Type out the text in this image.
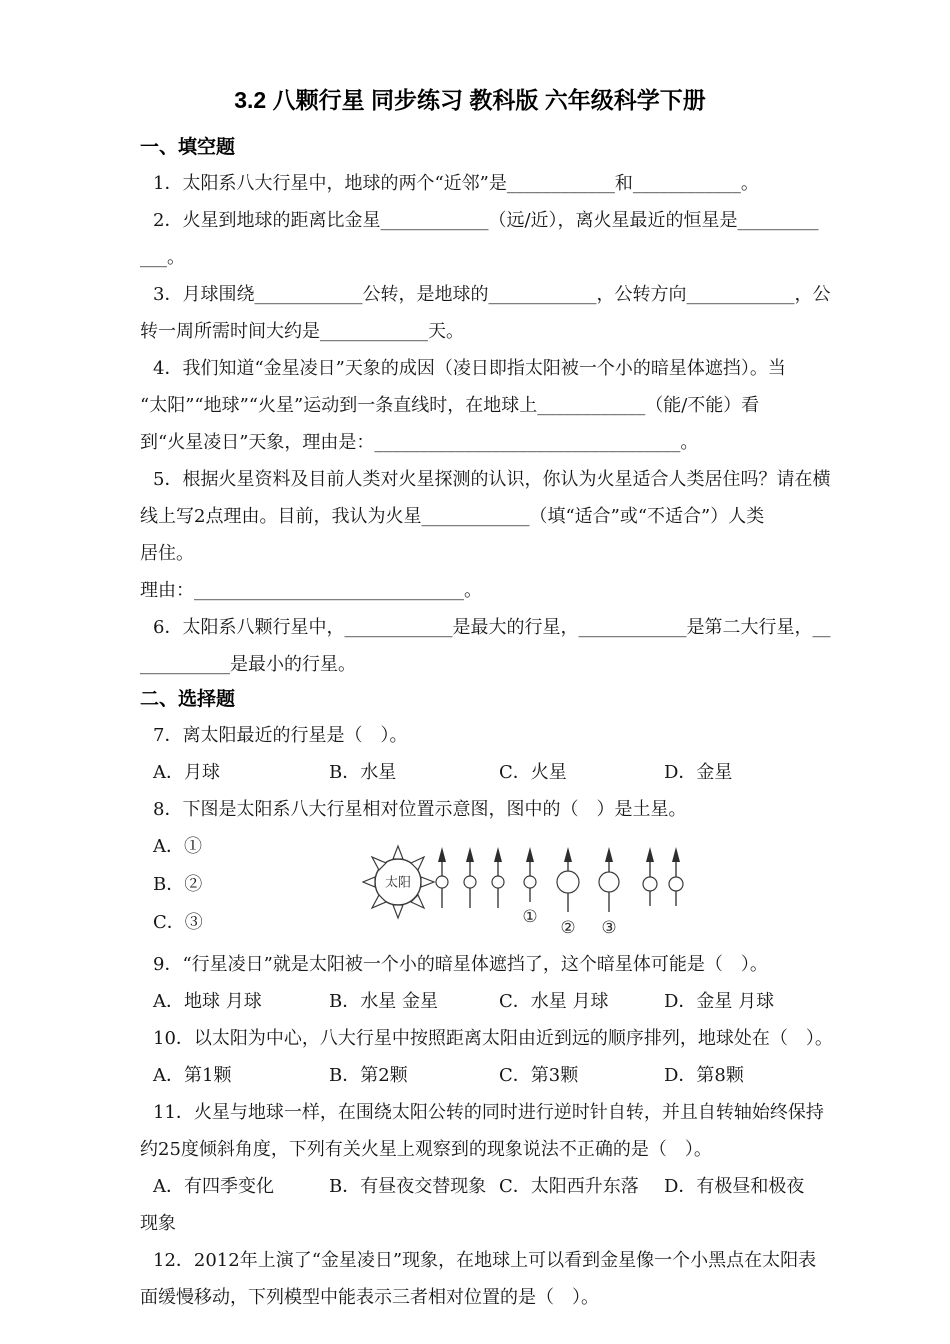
3.2 八颗行星 同步练习 教科版 六年级科学下册
一、填空题
1．太阳系八大行星中，地球的两个“近邻”是____________和____________。
2．火星到地球的距离比金星____________（远/近），离火星最近的恒星是_________
___。
3．月球围绕____________公转，是地球的____________，公转方向____________，公
转一周所需时间大约是____________天。
4．我们知道“金星凌日”天象的成因（凌日即指太阳被一个小的暗星体遮挡）。当
“太阳”“地球”“火星”运动到一条直线时，在地球上____________（能/不能）看
到“火星凌日”天象，理由是：__________________________________。
5．根据火星资料及目前人类对火星探测的认识，你认为火星适合人类居住吗？请在横
线上写2点理由。目前，我认为火星____________（填“适合”或“不适合”）人类
居住。
理由：______________________________。
6．太阳系八颗行星中，____________是最大的行星，____________是第二大行星，__
__________是最小的行星。
二、选择题
7．离太阳最近的行星是（　）。
A．月球	B．水星	C．火星	D．金星
8．下图是太阳系八大行星相对位置示意图，图中的（　）是土星。
A．①
B．②
C．③
太阳
①
② ③
9．“行星凌日”就是太阳被一个小的暗星体遮挡了，这个暗星体可能是（　）。
A．地球 月球	B．水星 金星	C．水星 月球	D．金星 月球
10．以太阳为中心，八大行星中按照距离太阳由近到远的顺序排列，地球处在（　）。
A．第1颗	B．第2颗	C．第3颗	D．第8颗
11．火星与地球一样，在围绕太阳公转的同时进行逆时针自转，并且自转轴始终保持
约25度倾斜角度，下列有关火星上观察到的现象说法不正确的是（　）。
A．有四季变化	B．有昼夜交替现象 C．太阳西升东落	D．有极昼和极夜
现象
12．2012年上演了“金星凌日”现象，在地球上可以看到金星像一个小黑点在太阳表
面缓慢移动，下列模型中能表示三者相对位置的是（　）。
